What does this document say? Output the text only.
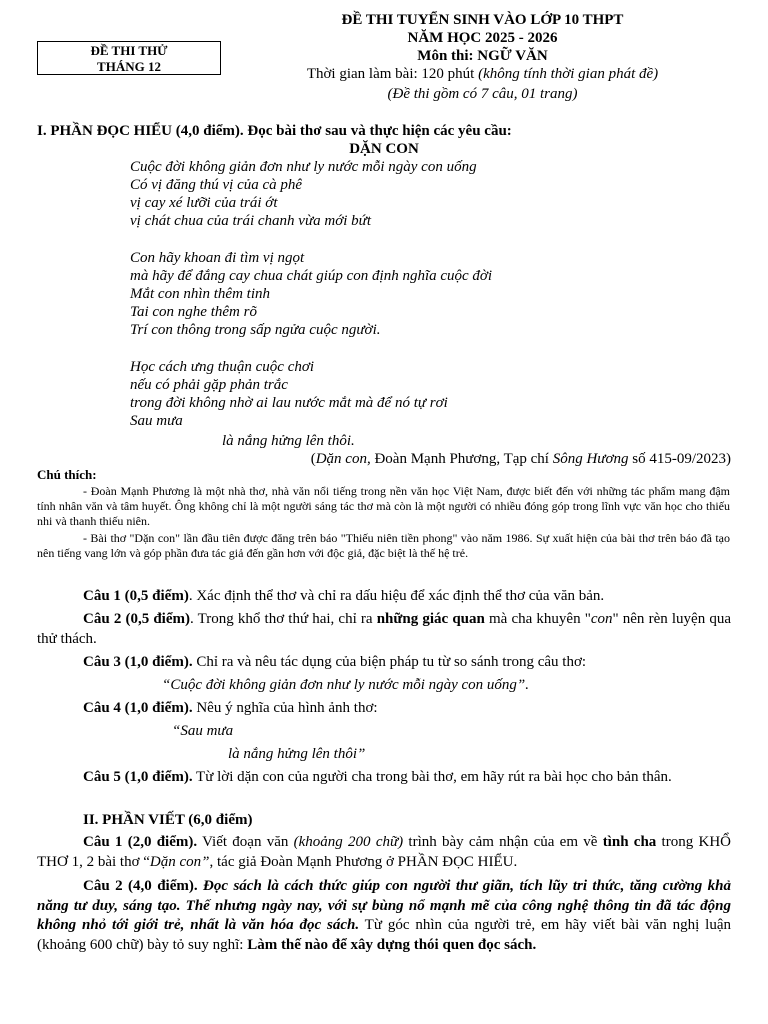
ĐỀ THI THỬ
THÁNG 12
ĐỀ THI TUYỂN SINH VÀO LỚP 10 THPT
NĂM HỌC 2025 - 2026
Môn thi: NGỮ VĂN
Thời gian làm bài: 120 phút (không tính thời gian phát đề)
(Đề thi gồm có 7 câu, 01 trang)
I. PHẦN ĐỌC HIỂU (4,0 điểm). Đọc bài thơ sau và thực hiện các yêu cầu:
DẶN CON
Cuộc đời không giản đơn như ly nước mỗi ngày con uống
Có vị đăng thú vị của cà phê
vị cay xé lưỡi của trái ớt
vị chát chua của trái chanh vừa mới bứt
Con hãy khoan đi tìm vị ngọt
mà hãy để đắng cay chua chát giúp con định nghĩa cuộc đời
Mắt con nhìn thêm tinh
Tai con nghe thêm rõ
Trí con thông trong sấp ngửa cuộc người.
Học cách ưng thuận cuộc chơi
nếu có phải gặp phản trắc
trong đời không nhờ ai lau nước mắt mà để nó tự rơi
Sau mưa
là nắng hửng lên thôi.
(Dặn con, Đoàn Mạnh Phương, Tạp chí Sông Hương số 415-09/2023)
Chú thích:
- Đoàn Mạnh Phương là một nhà thơ, nhà văn nổi tiếng trong nền văn học Việt Nam, được biết đến với những tác phẩm mang đậm tính nhân văn và tâm huyết. Ông không chỉ là một người sáng tác thơ mà còn là một người có nhiều đóng góp trong lĩnh vực văn học cho thiếu nhi và thanh thiếu niên.
- Bài thơ "Dặn con" lần đầu tiên được đăng trên báo "Thiếu niên tiền phong" vào năm 1986. Sự xuất hiện của bài thơ trên báo đã tạo nên tiếng vang lớn và góp phần đưa tác giả đến gần hơn với độc giả, đặc biệt là thế hệ trẻ.
Câu 1 (0,5 điểm). Xác định thể thơ và chỉ ra dấu hiệu để xác định thể thơ của văn bản.
Câu 2 (0,5 điểm). Trong khổ thơ thứ hai, chỉ ra những giác quan mà cha khuyên "con" nên rèn luyện qua thử thách.
Câu 3 (1,0 điểm). Chỉ ra và nêu tác dụng của biện pháp tu từ so sánh trong câu thơ:
“Cuộc đời không giản đơn như ly nước mỗi ngày con uống”.
Câu 4 (1,0 điểm). Nêu ý nghĩa của hình ảnh thơ:
“Sau mưa
là nắng hửng lên thôi”
Câu 5 (1,0 điểm). Từ lời dặn con của người cha trong bài thơ, em hãy rút ra bài học cho bản thân.
II. PHẦN VIẾT (6,0 điểm)
Câu 1 (2,0 điểm). Viết đoạn văn (khoảng 200 chữ) trình bày cảm nhận của em về tình cha trong KHỔ THƠ 1, 2 bài thơ “Dặn con”, tác giả Đoàn Mạnh Phương ở PHẦN ĐỌC HIỂU.
Câu 2 (4,0 điểm). Đọc sách là cách thức giúp con người thư giãn, tích lũy tri thức, tăng cường khả năng tư duy, sáng tạo. Thế nhưng ngày nay, với sự bùng nổ mạnh mẽ của công nghệ thông tin đã tác động không nhỏ tới giới trẻ, nhất là văn hóa đọc sách. Từ góc nhìn của người trẻ, em hãy viết bài văn nghị luận (khoảng 600 chữ) bày tỏ suy nghĩ: Làm thế nào để xây dựng thói quen đọc sách.
